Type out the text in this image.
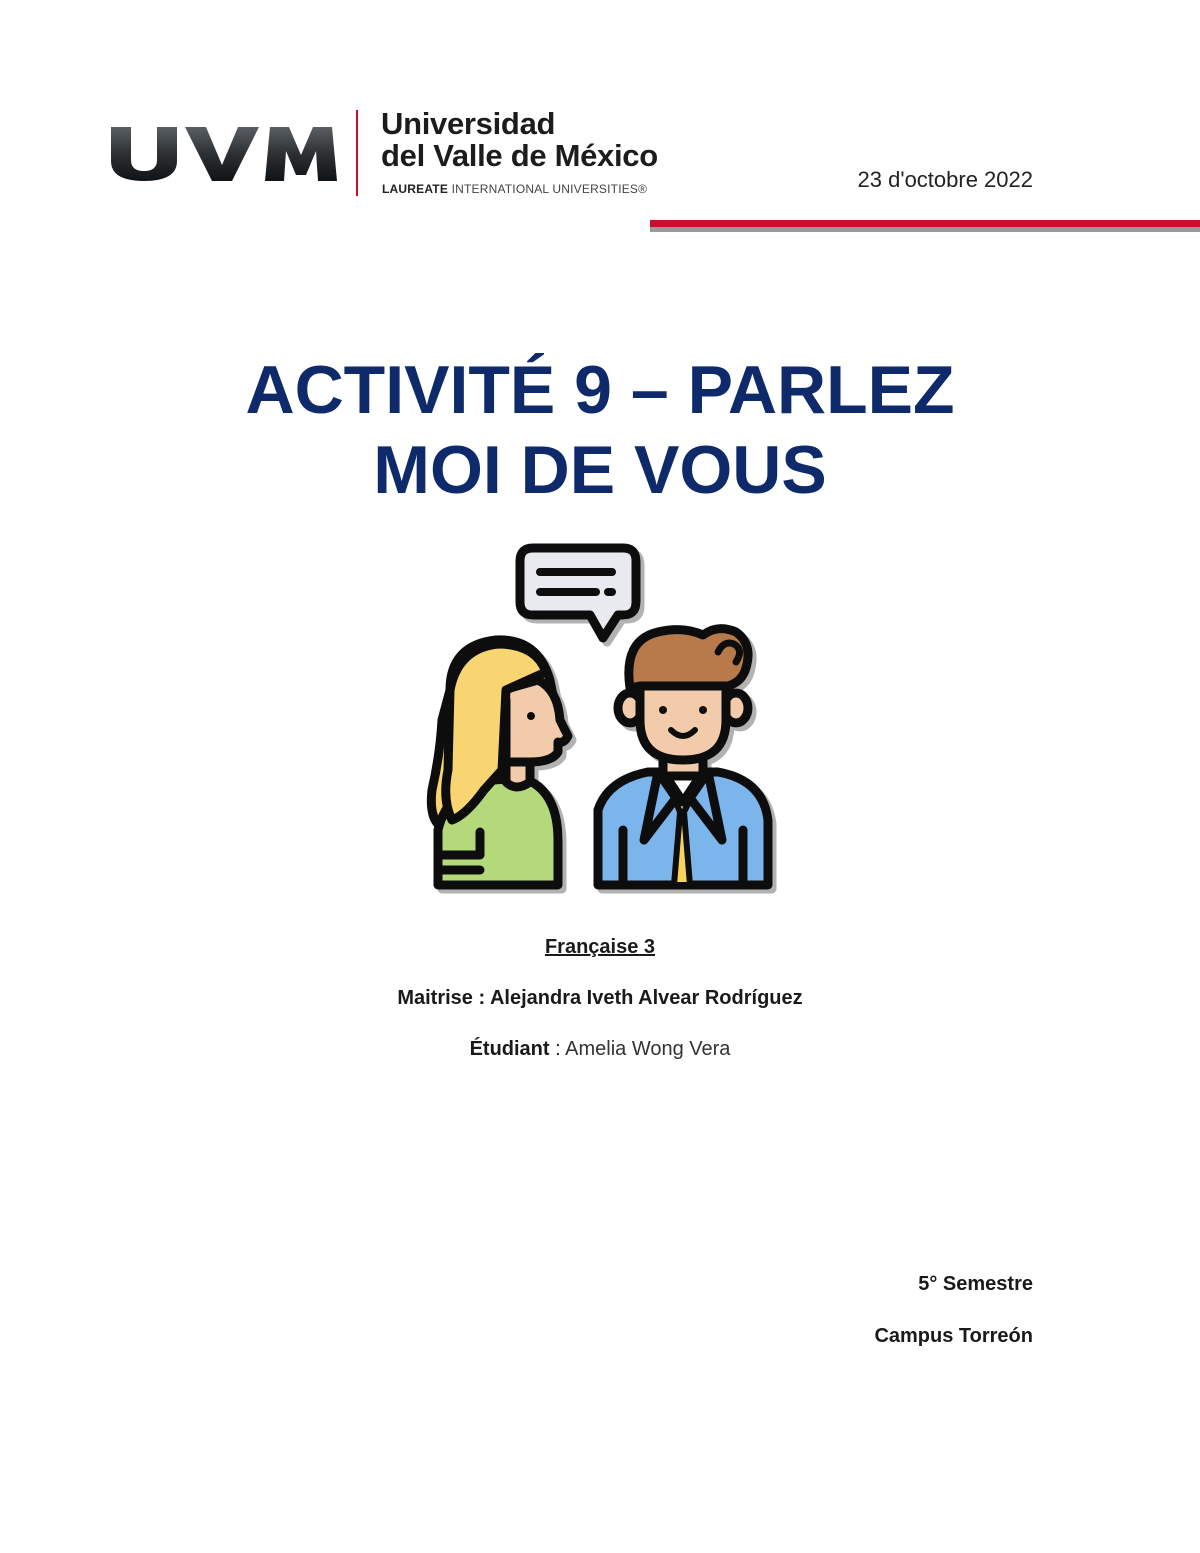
Universidad
del Valle de México
LAUREATE INTERNATIONAL UNIVERSITIES®	23 d'octobre 2022
ACTIVITÉ 9 – PARLEZ
MOI DE VOUS
Française 3
Maitrise : Alejandra Iveth Alvear Rodríguez
Étudiant : Amelia Wong Vera
5° Semestre
Campus Torreón
